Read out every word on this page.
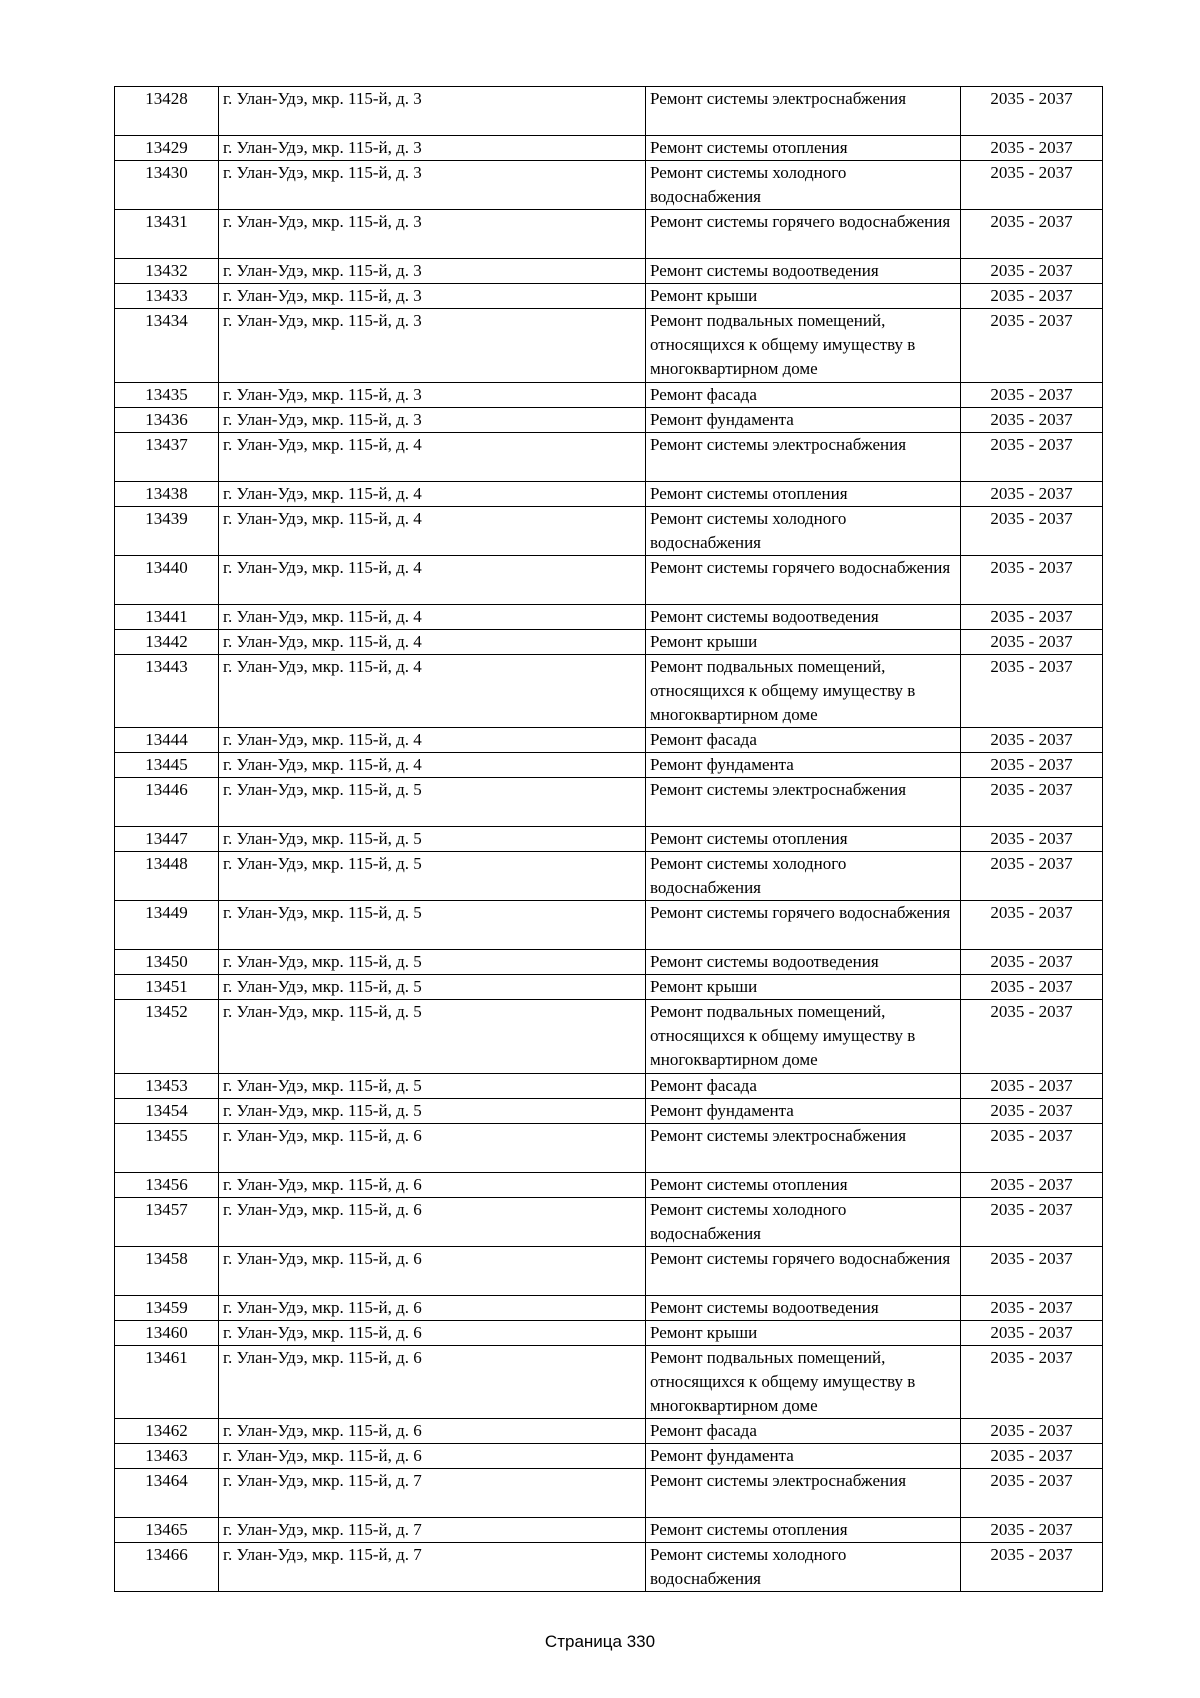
13428	г. Улан-Удэ, мкр. 115-й, д. 3	Ремонт системы электроснабжения	2035 - 2037
13429	г. Улан-Удэ, мкр. 115-й, д. 3	Ремонт системы отопления	2035 - 2037
13430	г. Улан-Удэ, мкр. 115-й, д. 3	Ремонт системы холодного водоснабжения	2035 - 2037
13431	г. Улан-Удэ, мкр. 115-й, д. 3	Ремонт системы горячего водоснабжения	2035 - 2037
13432	г. Улан-Удэ, мкр. 115-й, д. 3	Ремонт системы водоотведения	2035 - 2037
13433	г. Улан-Удэ, мкр. 115-й, д. 3	Ремонт крыши	2035 - 2037
13434	г. Улан-Удэ, мкр. 115-й, д. 3	Ремонт подвальных помещений, относящихся к общему имуществу в многоквартирном доме	2035 - 2037
13435	г. Улан-Удэ, мкр. 115-й, д. 3	Ремонт фасада	2035 - 2037
13436	г. Улан-Удэ, мкр. 115-й, д. 3	Ремонт фундамента	2035 - 2037
13437	г. Улан-Удэ, мкр. 115-й, д. 4	Ремонт системы электроснабжения	2035 - 2037
13438	г. Улан-Удэ, мкр. 115-й, д. 4	Ремонт системы отопления	2035 - 2037
13439	г. Улан-Удэ, мкр. 115-й, д. 4	Ремонт системы холодного водоснабжения	2035 - 2037
13440	г. Улан-Удэ, мкр. 115-й, д. 4	Ремонт системы горячего водоснабжения	2035 - 2037
13441	г. Улан-Удэ, мкр. 115-й, д. 4	Ремонт системы водоотведения	2035 - 2037
13442	г. Улан-Удэ, мкр. 115-й, д. 4	Ремонт крыши	2035 - 2037
13443	г. Улан-Удэ, мкр. 115-й, д. 4	Ремонт подвальных помещений, относящихся к общему имуществу в многоквартирном доме	2035 - 2037
13444	г. Улан-Удэ, мкр. 115-й, д. 4	Ремонт фасада	2035 - 2037
13445	г. Улан-Удэ, мкр. 115-й, д. 4	Ремонт фундамента	2035 - 2037
13446	г. Улан-Удэ, мкр. 115-й, д. 5	Ремонт системы электроснабжения	2035 - 2037
13447	г. Улан-Удэ, мкр. 115-й, д. 5	Ремонт системы отопления	2035 - 2037
13448	г. Улан-Удэ, мкр. 115-й, д. 5	Ремонт системы холодного водоснабжения	2035 - 2037
13449	г. Улан-Удэ, мкр. 115-й, д. 5	Ремонт системы горячего водоснабжения	2035 - 2037
13450	г. Улан-Удэ, мкр. 115-й, д. 5	Ремонт системы водоотведения	2035 - 2037
13451	г. Улан-Удэ, мкр. 115-й, д. 5	Ремонт крыши	2035 - 2037
13452	г. Улан-Удэ, мкр. 115-й, д. 5	Ремонт подвальных помещений, относящихся к общему имуществу в многоквартирном доме	2035 - 2037
13453	г. Улан-Удэ, мкр. 115-й, д. 5	Ремонт фасада	2035 - 2037
13454	г. Улан-Удэ, мкр. 115-й, д. 5	Ремонт фундамента	2035 - 2037
13455	г. Улан-Удэ, мкр. 115-й, д. 6	Ремонт системы электроснабжения	2035 - 2037
13456	г. Улан-Удэ, мкр. 115-й, д. 6	Ремонт системы отопления	2035 - 2037
13457	г. Улан-Удэ, мкр. 115-й, д. 6	Ремонт системы холодного водоснабжения	2035 - 2037
13458	г. Улан-Удэ, мкр. 115-й, д. 6	Ремонт системы горячего водоснабжения	2035 - 2037
13459	г. Улан-Удэ, мкр. 115-й, д. 6	Ремонт системы водоотведения	2035 - 2037
13460	г. Улан-Удэ, мкр. 115-й, д. 6	Ремонт крыши	2035 - 2037
13461	г. Улан-Удэ, мкр. 115-й, д. 6	Ремонт подвальных помещений, относящихся к общему имуществу в многоквартирном доме	2035 - 2037
13462	г. Улан-Удэ, мкр. 115-й, д. 6	Ремонт фасада	2035 - 2037
13463	г. Улан-Удэ, мкр. 115-й, д. 6	Ремонт фундамента	2035 - 2037
13464	г. Улан-Удэ, мкр. 115-й, д. 7	Ремонт системы электроснабжения	2035 - 2037
13465	г. Улан-Удэ, мкр. 115-й, д. 7	Ремонт системы отопления	2035 - 2037
13466	г. Улан-Удэ, мкр. 115-й, д. 7	Ремонт системы холодного водоснабжения	2035 - 2037
Страница 330
